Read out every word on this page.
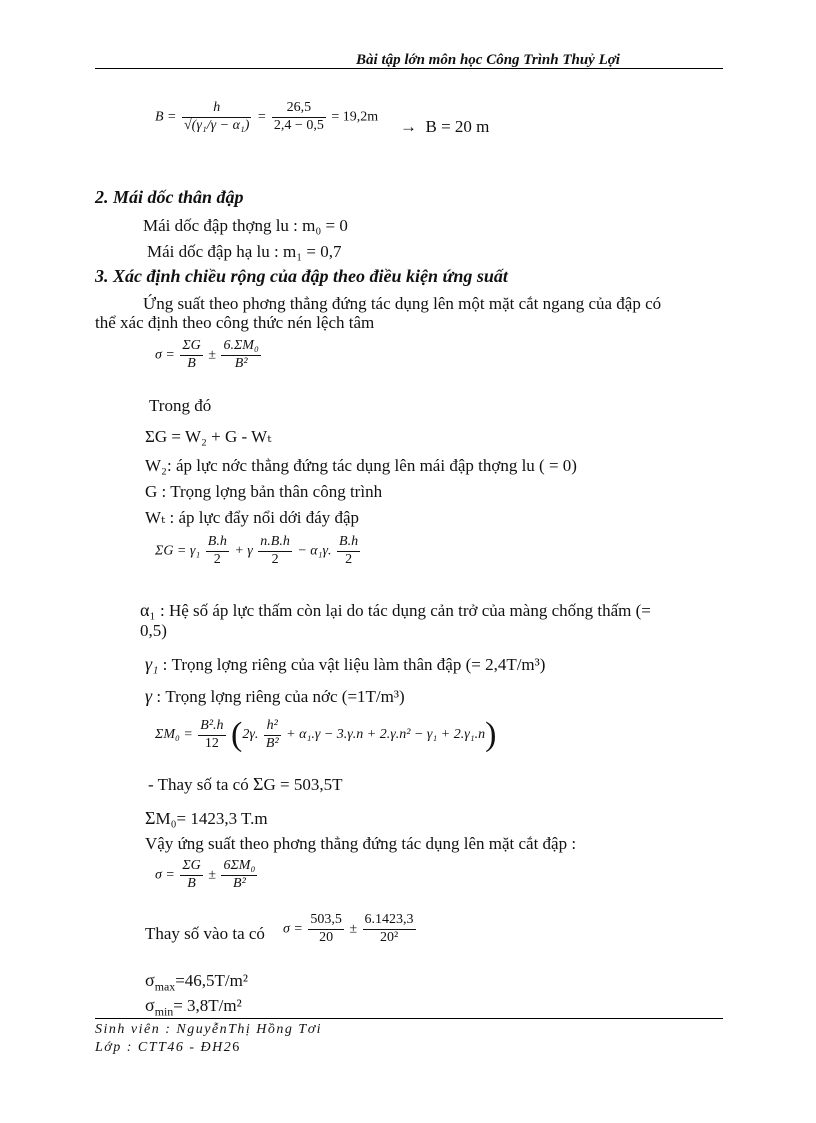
Bài tập lớn môn học Công Trình Thuỷ Lợi
$B = \frac{h}{\text{√(γ₁/γ − α₁)}} = \frac{26,5}{2,4 - 0,5} = 19,2m \to B = 20$ m
2. Mái dốc thân đập
Mái dốc đập thợng lu : m₀ = 0
Mái dốc đập hạ lu : m₁ = 0,7
3. Xác định chiều rộng của đập theo điều kiện ứng suất
Ứng suất theo phơng thẳng đứng tác dụng lên một mặt cắt ngang của đập có
thể xác định theo công thức nén lệch tâm
$\sigma = \frac{\Sigma G}{B} \pm \frac{\text{6.ΣM₀}}{\text{B²}}$
Trong đó
ΣG = W₂ + G - Wₜ
W₂: áp lực nớc thẳng đứng tác dụng lên mái đập thợng lu ( = 0)
G : Trọng lợng bản thân công trình
Wₜ : áp lực đẩy nổi dới đáy đập
$\Sigma G = \gamma_1 \frac{B.h}{2} + \gamma \frac{n.B.h}{2} - \alpha_1\gamma$. $\frac{B.h}{2}$
α₁ : Hệ số áp lực thấm còn lại do tác dụng cản trở của màng chống thấm (=
0,5)
γ₁ : Trọng lợng riêng của vật liệu làm thân đập (= 2,4T/m³)
γ : Trọng lợng riêng của nớc (=1T/m³)
$\Sigma M_0 = \frac{\text{B².h}}{12} (2\gamma$. $\frac{\text{h²}}{\text{B²}} + \alpha_1.\gamma - 3.\gamma.n + 2.\gamma.n^2 - \gamma_1 + 2.\gamma_1.n$)
- Thay số ta có ΣG = 503,5T
ΣM₀= 1423,3 T.m
Vậy ứng suất theo phơng thẳng đứng tác dụng lên mặt cắt đập :
$\sigma = \frac{\Sigma G}{B} \pm \frac{\text{6ΣM₀}}{\text{B²}}$
Thay số vào ta có $\sigma = \frac{503,5}{20} \pm \frac{6.1423,3}{\text{20²}}$
$\sigma_{max}=46,5T/m^2$
$\sigma_{min}= 3,8T/m^2$
Sinh viên : NguyễnThị Hồng Tơi
Lớp : CTT46 - ĐH26
